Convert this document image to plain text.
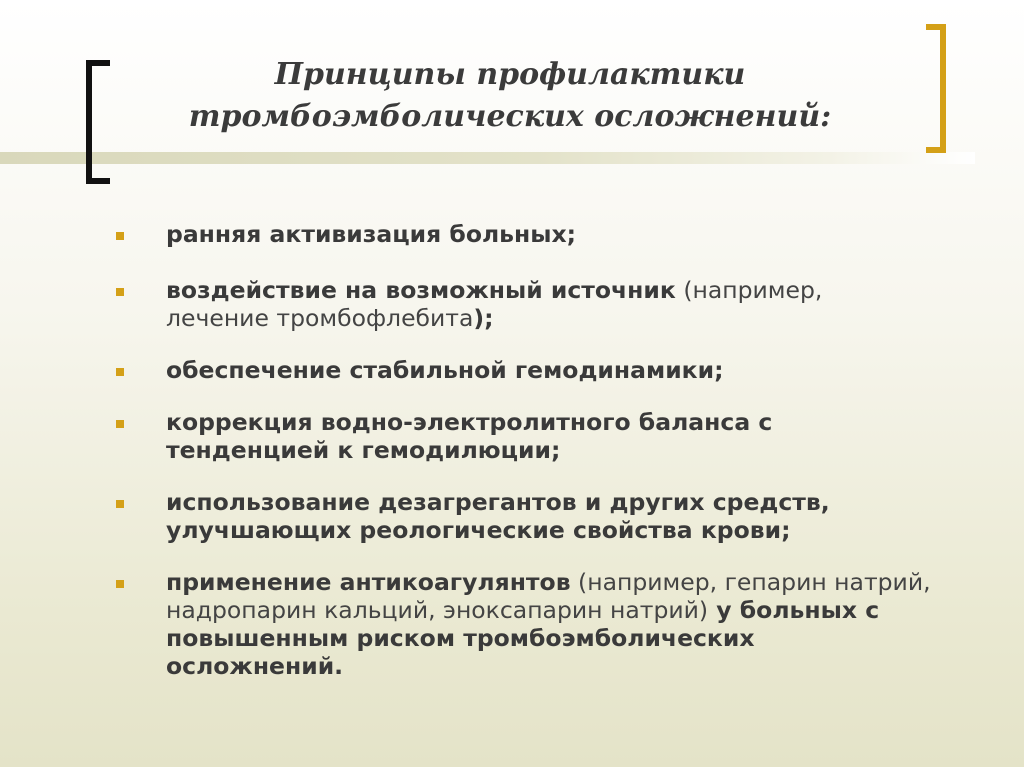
Принципы профилактики
тромбоэмболических осложнений:
ранняя активизация больных;
воздействие на возможный источник (например, лечение тромбофлебита);
обеспечение стабильной гемодинамики;
коррекция водно-электролитного баланса с тенденцией к гемодилюции;
использование дезагрегантов и других средств, улучшающих реологические свойства крови;
применение антикоагулянтов (например, гепарин натрий, надропарин кальций, эноксапарин натрий) у больных с повышенным риском тромбоэмболических осложнений.
